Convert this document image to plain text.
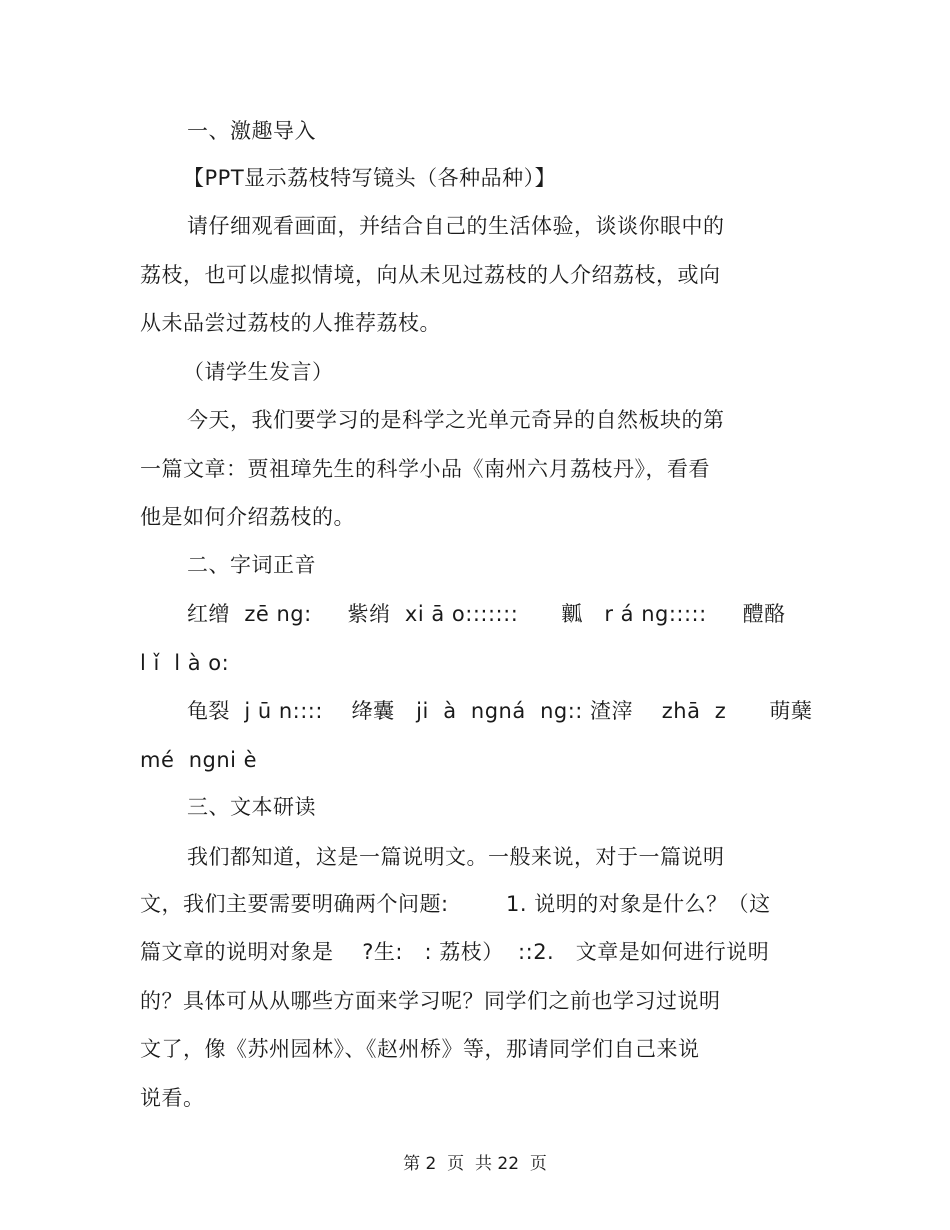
一、激趣导入
【PPT显示荔枝特写镜头（各种品种）】
请仔细观看画面，并结合自己的生活体验，谈谈你眼中的
荔枝，也可以虚拟情境，向从未见过荔枝的人介绍荔枝，或向
从未品尝过荔枝的人推荐荔枝。
（请学生发言）
今天，我们要学习的是科学之光单元奇异的自然板块的第
一篇文章：贾祖璋先生的科学小品《南州六月荔枝丹》，看看
他是如何介绍荔枝的。
二、字词正音
红缯  zē ng:     紫绡  xi ā o:::::::      瓤   r á ng:::::     醴酪
l ǐ  l à o:
龟裂  j ū n::::    绛囊   ji  à  ngná  ng:: 渣滓    zhā  z      萌蘖
mé  ngni è
三、文本研读
我们都知道，这是一篇说明文。一般来说，对于一篇说明
文，我们主要需要明确两个问题:        1. 说明的对象是什么？（这
篇文章的说明对象是    ?生:   : 荔枝）  ::2.   文章是如何进行说明
的？具体可从从哪些方面来学习呢？同学们之前也学习过说明
文了，像《苏州园林》、《赵州桥》等，那请同学们自己来说
说看。
第 2  页  共 22  页
